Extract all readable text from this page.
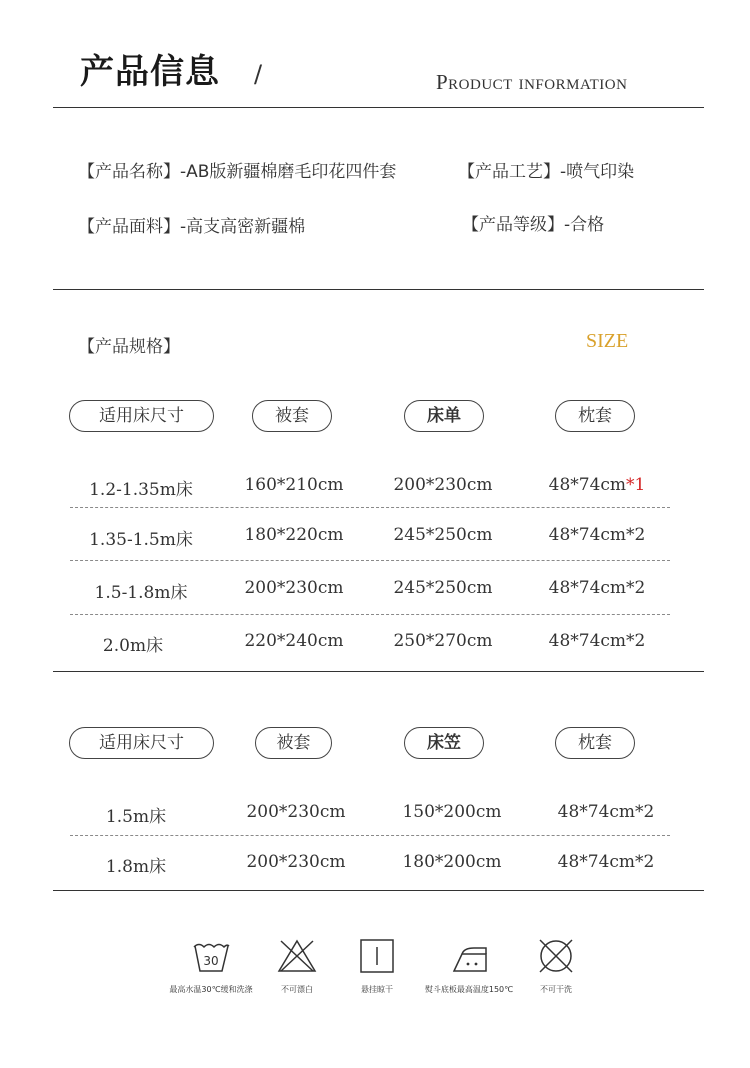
产品信息 /	Product information
【产品名称】-AB版新疆棉磨毛印花四件套	【产品工艺】-喷气印染
【产品面料】-高支高密新疆棉	【产品等级】-合格
【产品规格】	SIZE
适用床尺寸	被套	床单	枕套
1.2-1.35m床	160*210cm	200*230cm	48*74cm*1
1.35-1.5m床	180*220cm	245*250cm	48*74cm*2
1.5-1.8m床	200*230cm	245*250cm	48*74cm*2
2.0m床	220*240cm	250*270cm	48*74cm*2
适用床尺寸	被套	床笠	枕套
1.5m床	200*230cm	150*200cm	48*74cm*2
1.8m床	200*230cm	180*200cm	48*74cm*2
30
最高水温30℃缓和洗涤	不可漂白	悬挂晾干	熨斗底板最高温度150℃	不可干洗
